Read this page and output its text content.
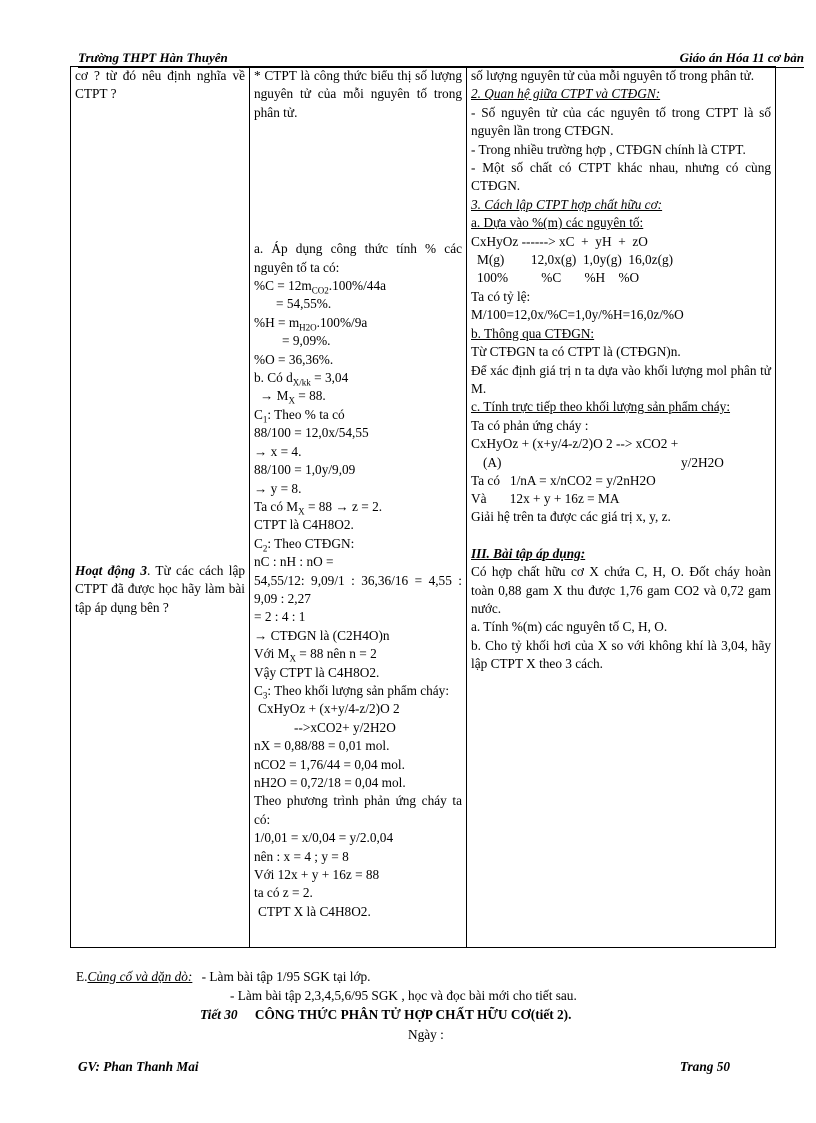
Trường THPT Hàn Thuyên	Giáo án Hóa 11 cơ bản
cơ ? từ đó nêu định nghĩa về CTPT ?
Hoạt động 3. Từ các cách lập CTPT đã được học hãy làm bài tập áp dụng bên ?

* CTPT là công thức biểu thị số lượng nguyên tử của mỗi nguyên tố trong phân tử.
a. Áp dụng công thức tính % các nguyên tố ta có:
$\%C = 12m_{CO2}.100\%/44a$
= 54,55%.
$\%H = m_{H2O}.100\%/9a$
= 9,09%.
%O = 36,36%.
b. Có $d_{X/kk} = 3,04$
→ $M_X = 88$.
$C_1$: Theo % ta có
88/100 = 12,0x/54,55
→ x = 4.
88/100 = 1,0y/9,09
→ y = 8.
Ta có $M_X = 88 \to z = 2$.
CTPT là C4H8O2.
$C_2$: Theo CTĐGN:
nC : nH : nO =
54,55/12: 9,09/1 : 36,36/16 = 4,55 : 9,09 : 2,27
= 2 : 4 : 1
→ CTĐGN là (C2H4O)n
Với $M_X = 88$ nên n = 2
Vậy CTPT là C4H8O2.
$C_3$: Theo khối lượng sản phẩm cháy:
CxHyOz + (x+y/4-z/2)O 2
-->xCO2+ y/2H2O
nX = 0,88/88 = 0,01 mol.
nCO2 = 1,76/44 = 0,04 mol.
nH2O = 0,72/18 = 0,04 mol.
Theo phương trình phản ứng cháy ta có:
1/0,01 = x/0,04 = y/2.0,04
nên : x = 4 ; y = 8
Với 12x + y + 16z = 88
ta có z = 2.
CTPT X là C4H8O2.

số lượng nguyên tử của mỗi nguyên tố trong phân tử.
2. Quan hệ giữa CTPT và CTĐGN:
- Số nguyên tử của các nguyên tố trong CTPT là số nguyên lần trong CTĐGN.
- Trong nhiều trường hợp , CTĐGN chính là CTPT.
- Một số chất có CTPT khác nhau, nhưng có cùng CTĐGN.
3. Cách lập CTPT hợp chất hữu cơ:
a. Dựa vào %(m) các nguyên tố:
CxHyOz ------> xC  +  yH  +  zO
M(g)        12,0x(g)  1,0y(g)  16,0z(g)
100%          %C       %H    %O
Ta có tỷ lệ:
M/100=12,0x/%C=1,0y/%H=16,0z/%O
b. Thông qua CTĐGN:
Từ CTĐGN ta có CTPT là (CTĐGN)n.
Để xác định giá trị n ta dựa vào khối lượng mol phân tử M.
c. Tính trực tiếp theo khối lượng sản phẩm cháy:
Ta có phản ứng cháy :
CxHyOz + (x+y/4-z/2)O 2 --> xCO2 +
(A)	y/2H2O
Ta có   1/nA = x/nCO2 = y/2nH2O
Và       12x + y + 16z = MA
Giải hệ trên ta được các giá trị x, y, z.
III. Bài tập áp dụng:
Có hợp chất hữu cơ X chứa C, H, O. Đốt cháy hoàn toàn 0,88 gam X thu được 1,76 gam CO2 và 0,72 gam nước.
a. Tính %(m) các nguyên tố C, H, O.
b. Cho tỷ khối hơi của X so với không khí là 3,04, hãy lập CTPT X theo 3 cách.
E.Củng cố và dặn dò: - Làm bài tập 1/95 SGK tại lớp.
- Làm bài tập 2,3,4,5,6/95 SGK , học và đọc bài mới cho tiết sau.
Tiết 30 CÔNG THỨC PHÂN TỬ HỢP CHẤT HỮU CƠ(tiết 2).
Ngày :
GV: Phan Thanh Mai	Trang 50
